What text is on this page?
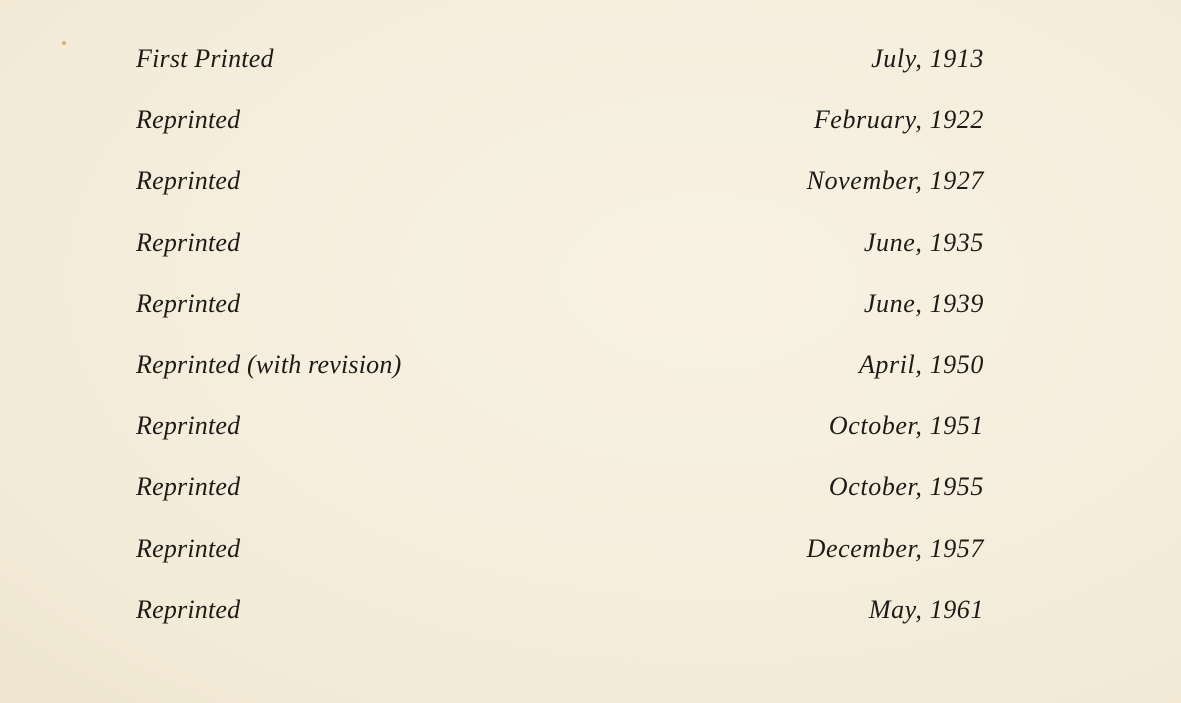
First Printed	July, 1913
Reprinted	February, 1922
Reprinted	November, 1927
Reprinted	June, 1935
Reprinted	June, 1939
Reprinted (with revision)	April, 1950
Reprinted	October, 1951
Reprinted	October, 1955
Reprinted	December, 1957
Reprinted	May, 1961
